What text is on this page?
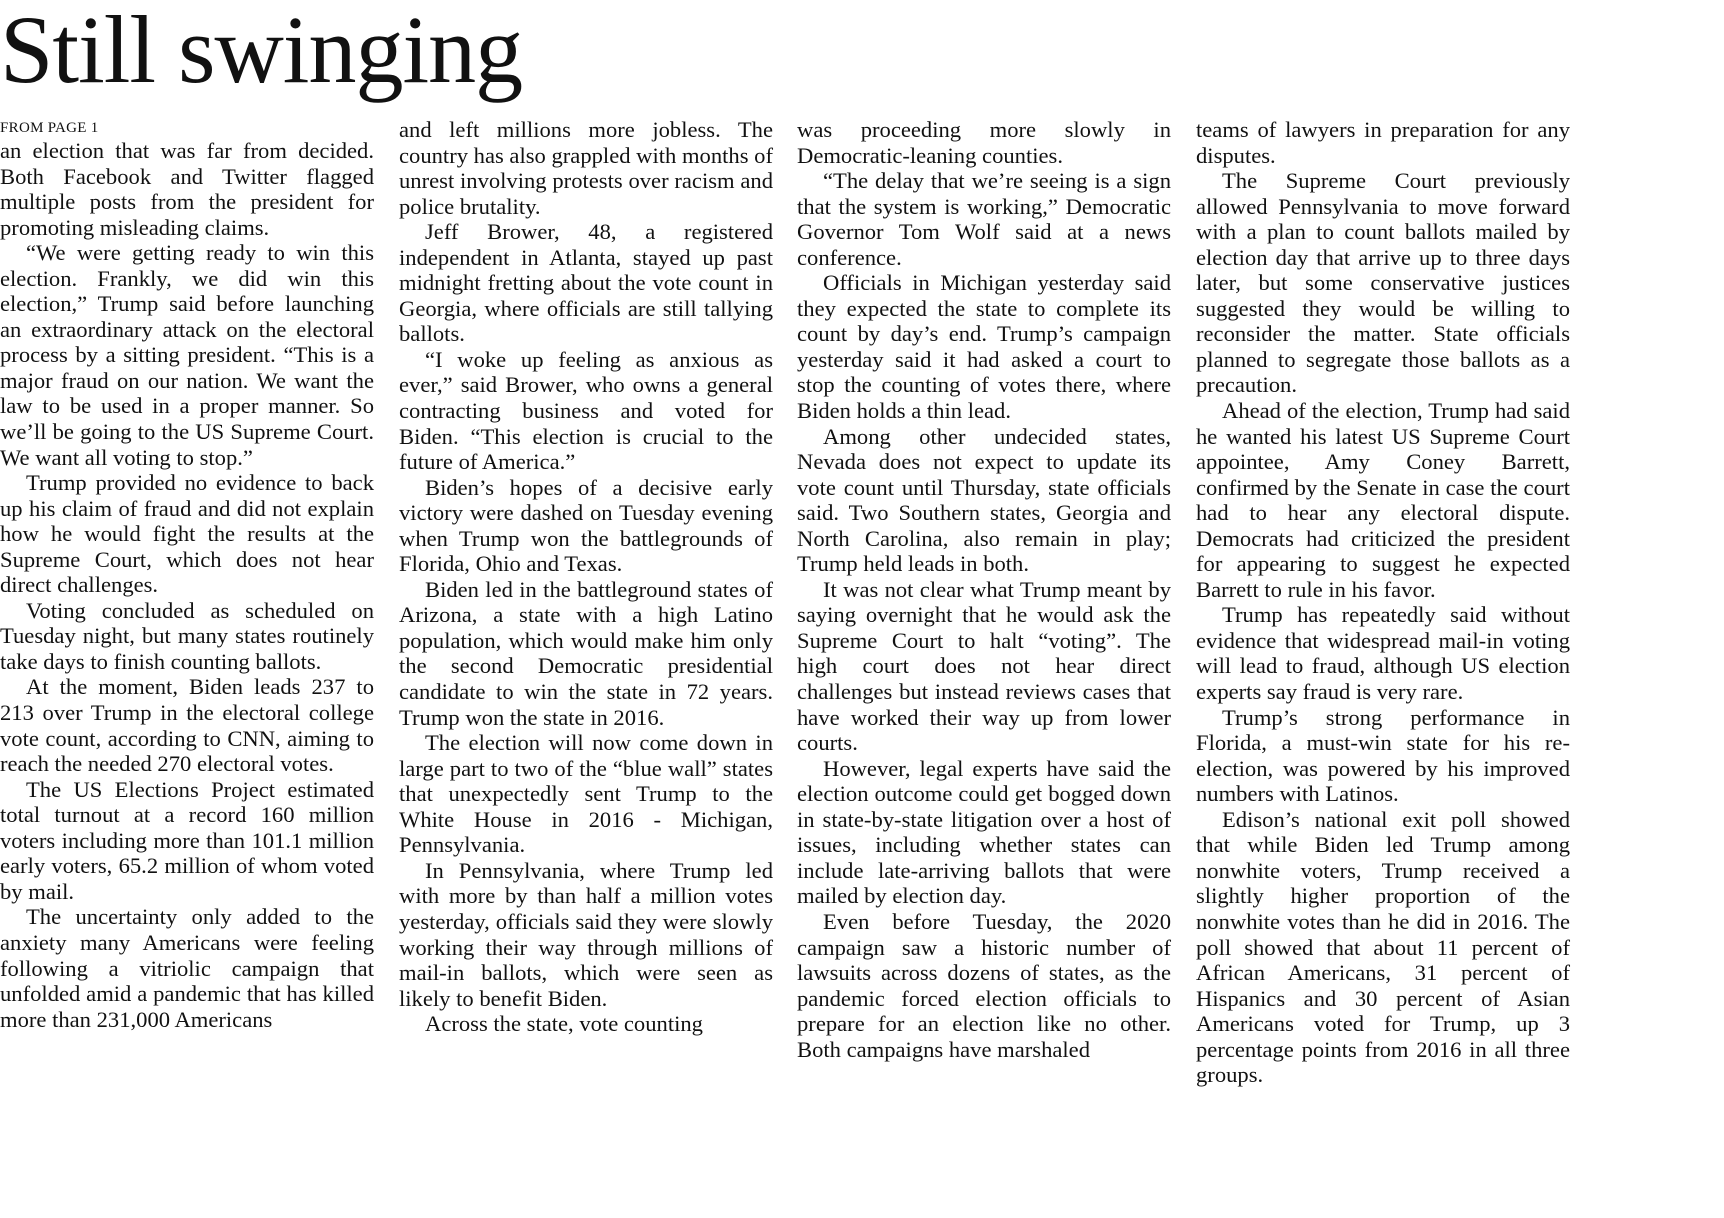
Still swinging
FROM PAGE 1

an election that was far from decided. Both Facebook and Twitter flagged multiple posts from the president for promoting misleading claims.

“We were getting ready to win this election. Frankly, we did win this election,” Trump said before launching an extraordinary attack on the electoral process by a sitting president. “This is a major fraud on our nation. We want the law to be used in a proper manner. So we’ll be going to the US Supreme Court. We want all voting to stop.”

Trump provided no evidence to back up his claim of fraud and did not explain how he would fight the results at the Supreme Court, which does not hear direct challenges.

Voting concluded as scheduled on Tuesday night, but many states routinely take days to finish counting ballots.

At the moment, Biden leads 237 to 213 over Trump in the electoral college vote count, according to CNN, aiming to reach the needed 270 electoral votes.

The US Elections Project estimated total turnout at a record 160 million voters including more than 101.1 million early voters, 65.2 million of whom voted by mail.

The uncertainty only added to the anxiety many Americans were feeling following a vitriolic campaign that unfolded amid a pandemic that has killed more than 231,000 Americans

and left millions more jobless. The country has also grappled with months of unrest involving protests over racism and police brutality.

Jeff Brower, 48, a registered independent in Atlanta, stayed up past midnight fretting about the vote count in Georgia, where officials are still tallying ballots.

“I woke up feeling as anxious as ever,” said Brower, who owns a general contracting business and voted for Biden. “This election is crucial to the future of America.”

Biden’s hopes of a decisive early victory were dashed on Tuesday evening when Trump won the battlegrounds of Florida, Ohio and Texas.

Biden led in the battleground states of Arizona, a state with a high Latino population, which would make him only the second Democratic presidential candidate to win the state in 72 years. Trump won the state in 2016.

The election will now come down in large part to two of the “blue wall” states that unexpectedly sent Trump to the White House in 2016 - Michigan, Pennsylvania.

In Pennsylvania, where Trump led with more by than half a million votes yesterday, officials said they were slowly working their way through millions of mail-in ballots, which were seen as likely to benefit Biden.

Across the state, vote counting

was proceeding more slowly in Democratic-leaning counties.

“The delay that we’re seeing is a sign that the system is working,” Democratic Governor Tom Wolf said at a news conference.

Officials in Michigan yesterday said they expected the state to complete its count by day’s end. Trump’s campaign yesterday said it had asked a court to stop the counting of votes there, where Biden holds a thin lead.

Among other undecided states, Nevada does not expect to update its vote count until Thursday, state officials said. Two Southern states, Georgia and North Carolina, also remain in play; Trump held leads in both.

It was not clear what Trump meant by saying overnight that he would ask the Supreme Court to halt “voting”. The high court does not hear direct challenges but instead reviews cases that have worked their way up from lower courts.

However, legal experts have said the election outcome could get bogged down in state-by-state litigation over a host of issues, including whether states can include late-arriving ballots that were mailed by election day.

Even before Tuesday, the 2020 campaign saw a historic number of lawsuits across dozens of states, as the pandemic forced election officials to prepare for an election like no other. Both campaigns have marshaled

teams of lawyers in preparation for any disputes.

The Supreme Court previously allowed Pennsylvania to move forward with a plan to count ballots mailed by election day that arrive up to three days later, but some conservative justices suggested they would be willing to reconsider the matter. State officials planned to segregate those ballots as a precaution.

Ahead of the election, Trump had said he wanted his latest US Supreme Court appointee, Amy Coney Barrett, confirmed by the Senate in case the court had to hear any electoral dispute. Democrats had criticized the president for appearing to suggest he expected Barrett to rule in his favor.

Trump has repeatedly said without evidence that widespread mail-in voting will lead to fraud, although US election experts say fraud is very rare.

Trump’s strong performance in Florida, a must-win state for his re-election, was powered by his improved numbers with Latinos.

Edison’s national exit poll showed that while Biden led Trump among nonwhite voters, Trump received a slightly higher proportion of the nonwhite votes than he did in 2016. The poll showed that about 11 percent of African Americans, 31 percent of Hispanics and 30 percent of Asian Americans voted for Trump, up 3 percentage points from 2016 in all three groups.
